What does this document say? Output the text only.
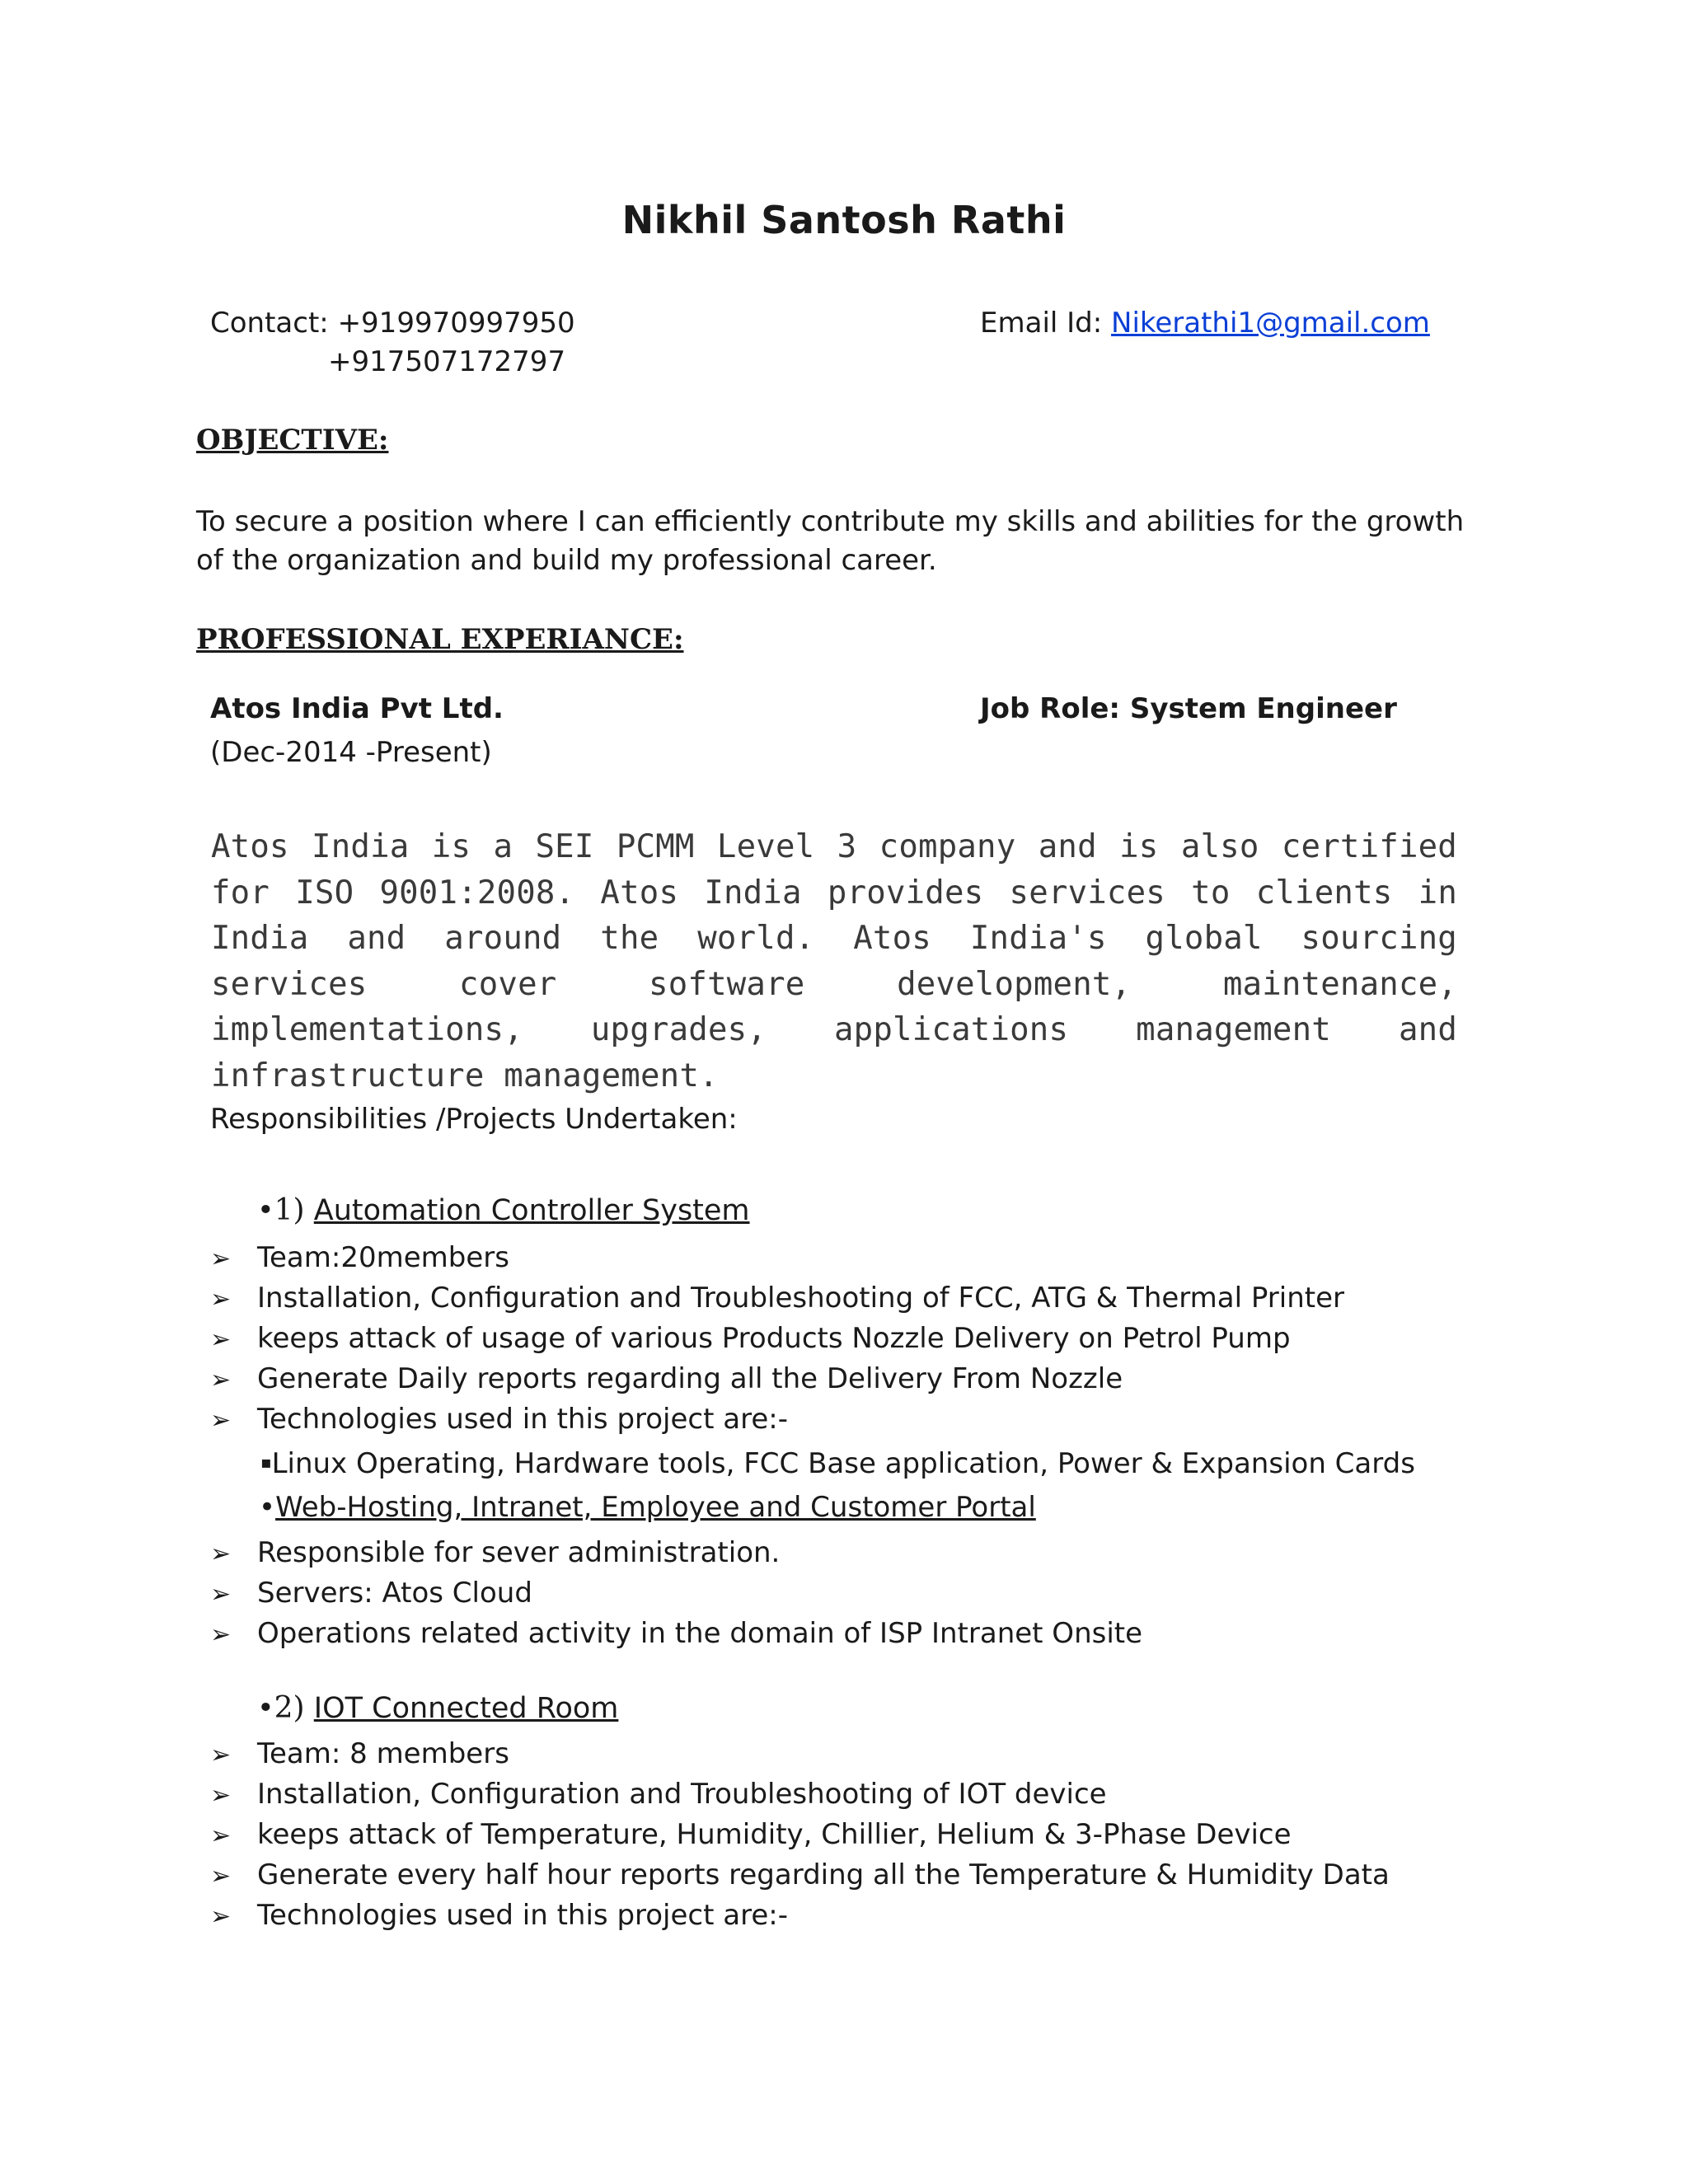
Nikhil Santosh Rathi
Contact: +919970997950
+917507172797
Email Id: Nikerathi1@gmail.com
OBJECTIVE:
To secure a position where I can efficiently contribute my skills and abilities for the growth of the organization and build my professional career.
PROFESSIONAL EXPERIANCE:
Atos India Pvt Ltd.	Job Role: System Engineer
(Dec-2014 -Present)
Atos India is a SEI PCMM Level 3 company and is also certified for ISO 9001:2008. Atos India provides services to clients in India and around the world. Atos India's global sourcing services cover software development, maintenance, implementations, upgrades, applications management and infrastructure management.
Responsibilities /Projects Undertaken:
•1) Automation Controller System
➢ Team:20members
➢ Installation, Configuration and Troubleshooting of FCC, ATG & Thermal Printer
➢ keeps attack of usage of various Products Nozzle Delivery on Petrol Pump
➢ Generate Daily reports regarding all the Delivery From Nozzle
➢ Technologies used in this project are:-
▪Linux Operating, Hardware tools, FCC Base application, Power & Expansion Cards
•Web-Hosting, Intranet, Employee and Customer Portal
➢ Responsible for sever administration.
➢ Servers: Atos Cloud
➢ Operations related activity in the domain of ISP Intranet Onsite
•2) IOT Connected Room
➢ Team: 8 members
➢ Installation, Configuration and Troubleshooting of IOT device
➢ keeps attack of Temperature, Humidity, Chillier, Helium & 3-Phase Device
➢ Generate every half hour reports regarding all the Temperature & Humidity Data
➢ Technologies used in this project are:-
